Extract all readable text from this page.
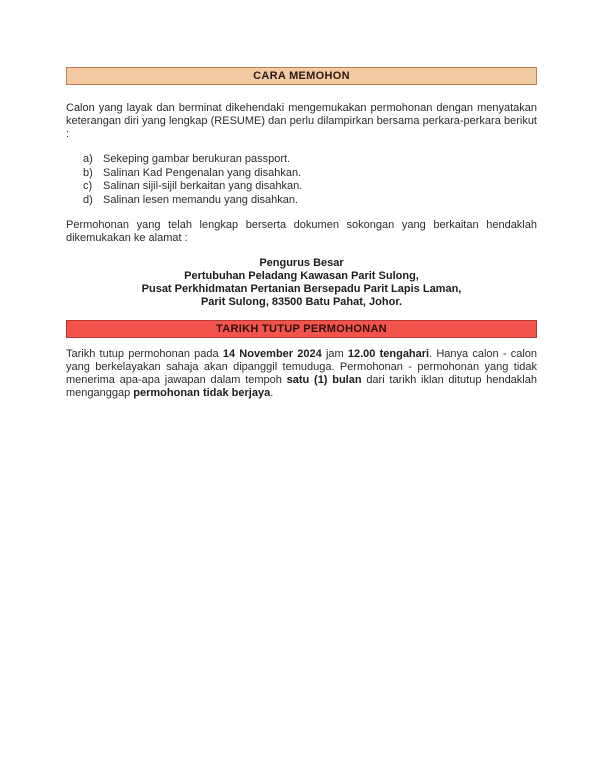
CARA MEMOHON

Calon yang layak dan berminat dikehendaki mengemukakan permohonan dengan menyatakan keterangan diri yang lengkap (RESUME) dan perlu dilampirkan bersama perkara-perkara berikut :

a) Sekeping gambar berukuran passport.
b) Salinan Kad Pengenalan yang disahkan.
c) Salinan sijil-sijil berkaitan yang disahkan.
d) Salinan lesen memandu yang disahkan.

Permohonan yang telah lengkap berserta dokumen sokongan yang berkaitan hendaklah dikemukakan ke alamat :

Pengurus Besar
Pertubuhan Peladang Kawasan Parit Sulong,
Pusat Perkhidmatan Pertanian Bersepadu Parit Lapis Laman,
Parit Sulong, 83500 Batu Pahat, Johor.
TARIKH TUTUP PERMOHONAN

Tarikh tutup permohonan pada 14 November 2024 jam 12.00 tengahari. Hanya calon - calon yang berkelayakan sahaja akan dipanggil temuduga. Permohonan - permohonan yang tidak menerima apa-apa jawapan dalam tempoh satu (1) bulan dari tarikh iklan ditutup hendaklah menganggap permohonan tidak berjaya.
